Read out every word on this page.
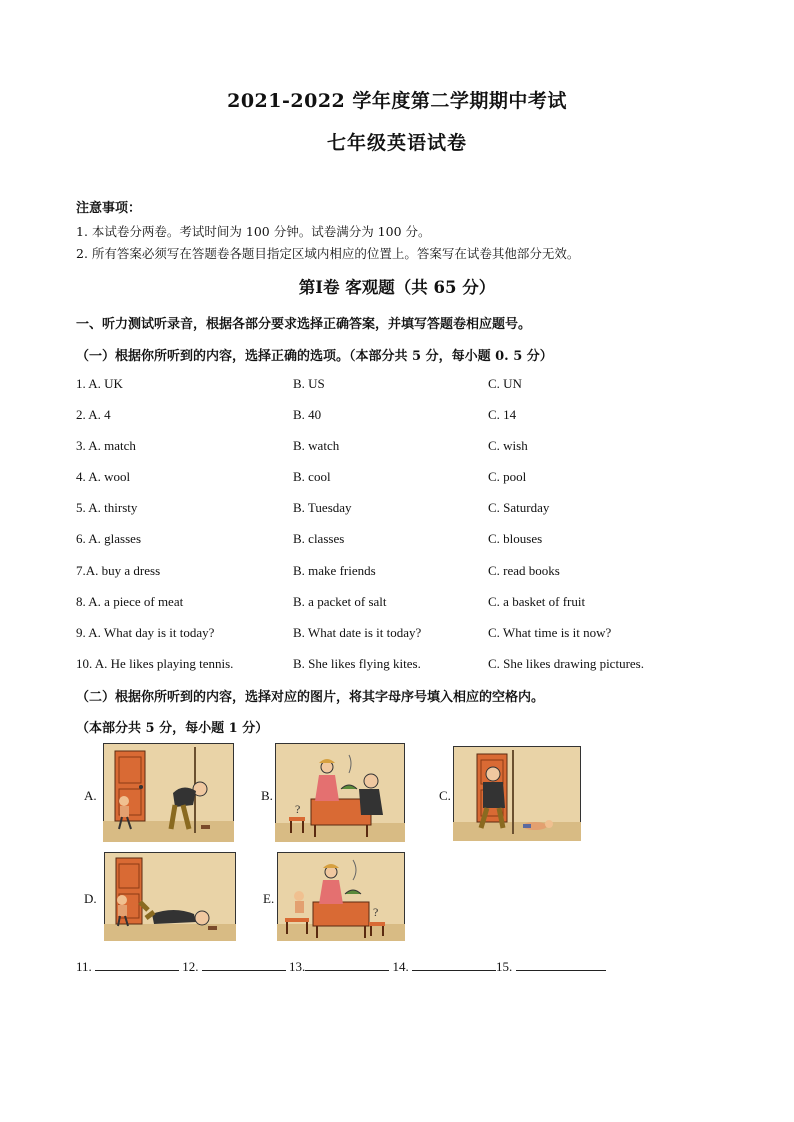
2021-2022 学年度第二学期期中考试
七年级英语试卷
注意事项：
1. 本试卷分两卷。考试时间为 100 分钟。试卷满分为 100 分。
2. 所有答案必须写在答题卷各题目指定区域内相应的位置上。答案写在试卷其他部分无效。
第Ⅰ卷 客观题（共 65 分）
一、听力测试听录音，根据各部分要求选择正确答案，并填写答题卷相应题号。
（一）根据你所听到的内容，选择正确的选项。（本部分共 5 分，每小题 0. 5 分）
1. A. UK	B. US	C. UN
2. A. 4	B. 40	C. 14
3. A. match	B. watch	C. wish
4. A. wool	B. cool	C. pool
5. A. thirsty	B. Tuesday	C. Saturday
6. A. glasses	B. classes	C. blouses
7.A. buy a dress	B. make friends	C. read books
8. A. a piece of meat	B. a packet of salt	C. a basket of fruit
9. A. What day is it today?	B. What date is it today?	C. What time is it now?
10. A. He likes playing tennis.	B. She likes flying kites.	C. She likes drawing pictures.
（二）根据你所听到的内容，选择对应的图片，将其字母序号填入相应的空格内。
（本部分共 5 分，每小题 1 分）
A.	B.	C.
D.	E.
?
?
11.	12.	13.	14.	15.
